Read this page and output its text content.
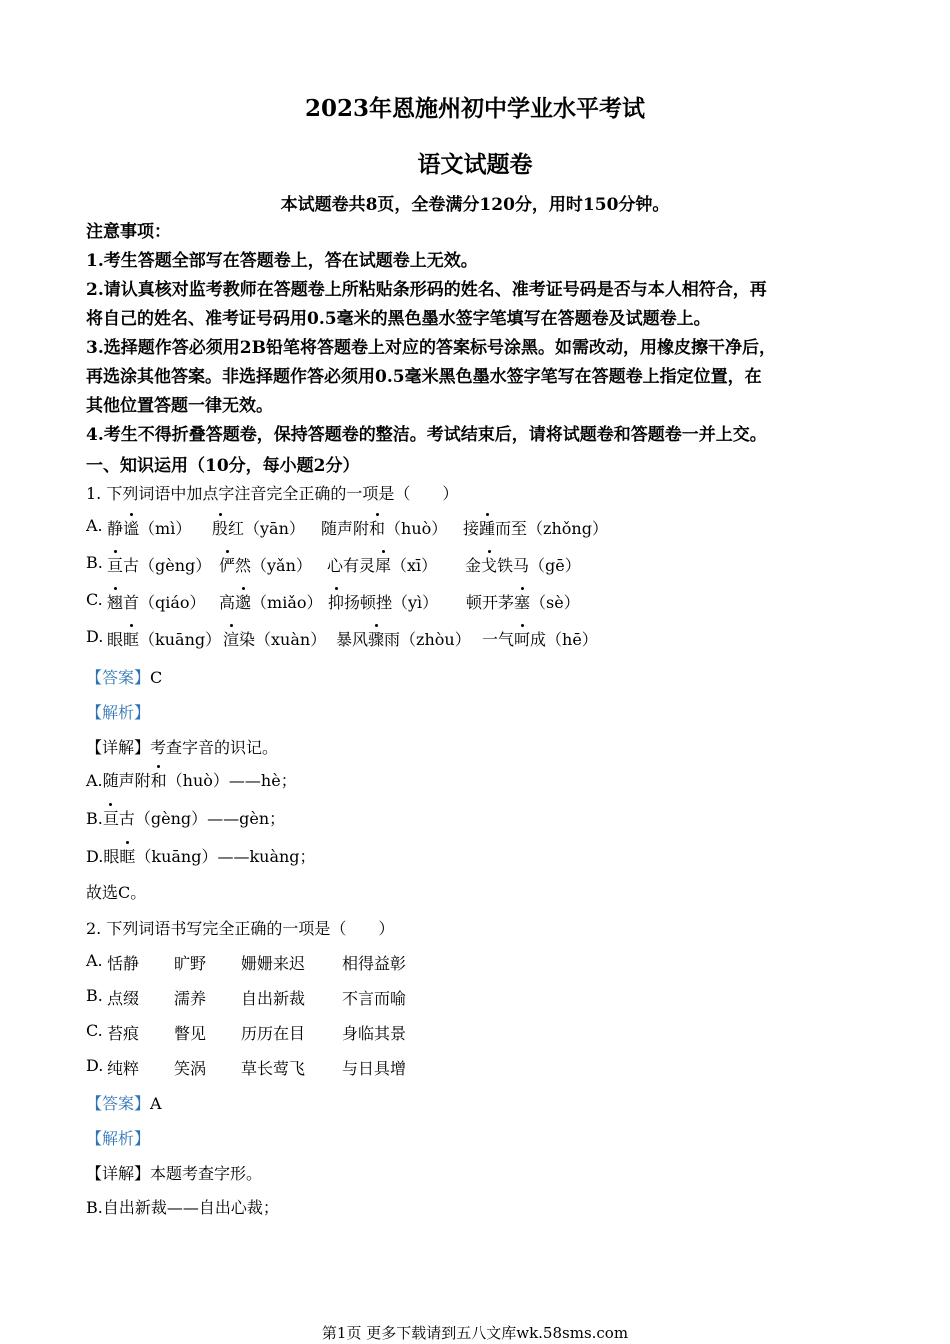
2023年恩施州初中学业水平考试
语文试题卷
本试题卷共8页，全卷满分120分，用时150分钟。
注意事项：
1.考生答题全部写在答题卷上，答在试题卷上无效。
2.请认真核对监考教师在答题卷上所粘贴条形码的姓名、准考证号码是否与本人相符合，再
将自己的姓名、准考证号码用0.5毫米的黑色墨水签字笔填写在答题卷及试题卷上。
3.选择题作答必须用2B铅笔将答题卷上对应的答案标号涂黑。如需改动，用橡皮擦干净后，
再选涂其他答案。非选择题作答必须用0.5毫米黑色墨水签字笔写在答题卷上指定位置，在
其他位置答题一律无效。
4.考生不得折叠答题卷，保持答题卷的整洁。考试结束后，请将试题卷和答题卷一并上交。
一、知识运用（10分，每小题2分）
1. 下列词语中加点字注音完全正确的一项是（　　）
A. 静谧（mì） 殷红（yān） 随声附和（huò） 接踵而至（zhǒng）
B. 亘古（gèng） 俨然（yǎn） 心有灵犀（xī） 金戈铁马（gē）
C. 翘首（qiáo） 高邈（miǎo） 抑扬顿挫（yì） 顿开茅塞（sè）
D. 眼眶（kuāng） 渲染（xuàn） 暴风骤雨（zhòu） 一气呵成（hē）
【答案】C
【解析】
【详解】考查字音的识记。
A.随声附和（huò）——hè；
B.亘古（gèng）——gèn；
D.眼眶（kuāng）——kuàng；
故选C。
2. 下列词语书写完全正确的一项是（　　）
A. 恬静 旷野 姗姗来迟 相得益彰
B. 点缀 濡养 自出新裁 不言而喻
C. 苔痕 瞥见 历历在目 身临其景
D. 纯粹 笑涡 草长莺飞 与日具增
【答案】A
【解析】
【详解】本题考查字形。
B.自出新裁——自出心裁；
第1页 更多下载请到五八文库wk.58sms.com
